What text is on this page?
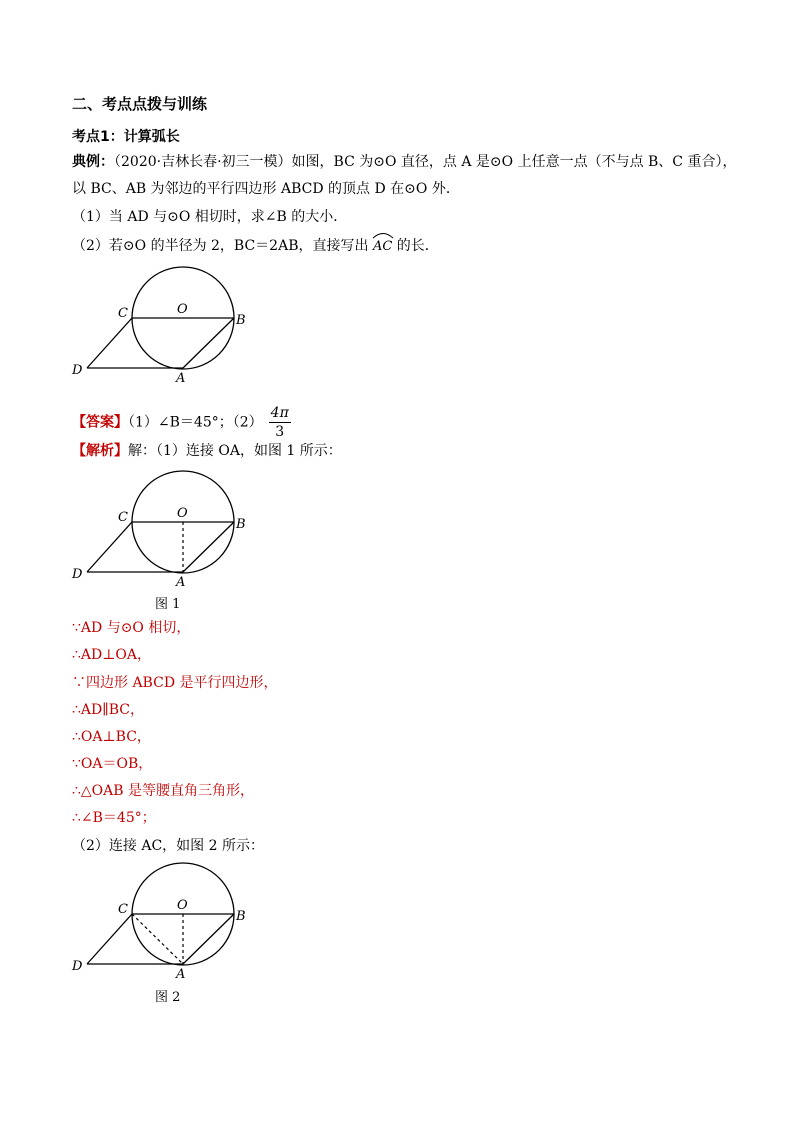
二、考点点拨与训练
考点1：计算弧长
典例：（2020·吉林长春·初三一模）如图，BC 为⊙O 直径，点 A 是⊙O 上任意一点（不与点 B、C 重合），
以 BC、AB 为邻边的平行四边形 ABCD 的顶点 D 在⊙O 外．
（1）当 AD 与⊙O 相切时，求∠B 的大小．
（2）若⊙O 的半径为 2，BC＝2AB，直接写出 AC 的长．
C	O
B
D
A
【答案】（1）∠B＝45°；$(2) \frac{4\pi}{3}$
【解析】解：（1）连接 OA，如图 1 所示：
C	O
B
D
A
图 1
∵AD 与⊙O 相切，
∴AD⊥OA，
∵四边形 ABCD 是平行四边形，
∴AD∥BC，
∴OA⊥BC，
∵OA＝OB，
∴△OAB 是等腰直角三角形，
∴∠B＝45°；
（2）连接 AC，如图 2 所示：
C	O
B
D
A
图 2
